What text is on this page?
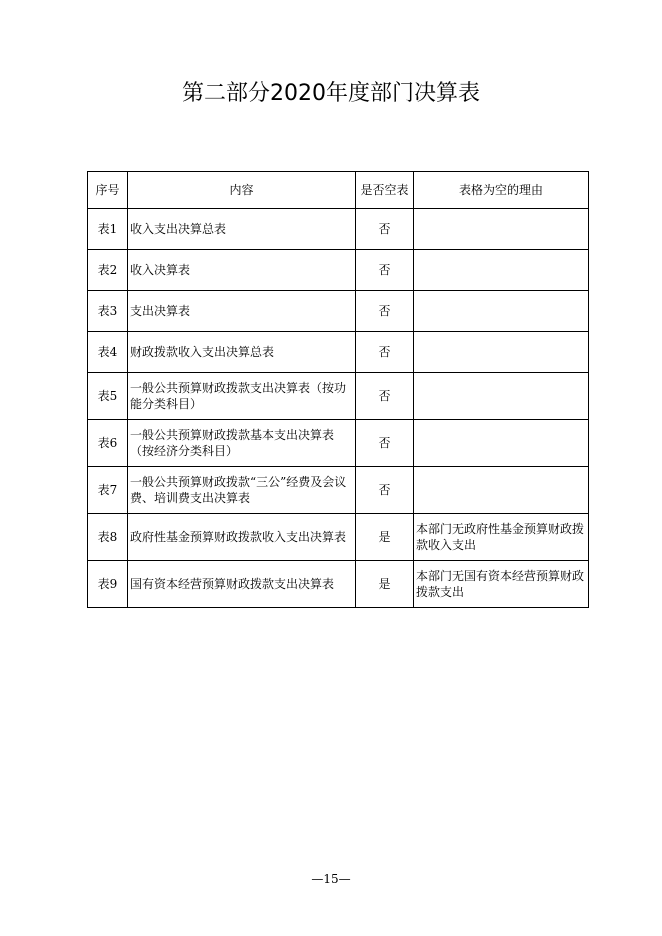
第二部分2020年度部门决算表
序号	内容	是否空表	表格为空的理由
表1	收入支出决算总表	否	
表2	收入决算表	否	
表3	支出决算表	否	
表4	财政拨款收入支出决算总表	否	
表5	一般公共预算财政拨款支出决算表（按功能分类科目）	否	
表6	一般公共预算财政拨款基本支出决算表（按经济分类科目）	否	
表7	一般公共预算财政拨款“三公”经费及会议费、培训费支出决算表	否	
表8	政府性基金预算财政拨款收入支出决算表	是	本部门无政府性基金预算财政拨款收入支出
表9	国有资本经营预算财政拨款支出决算表	是	本部门无国有资本经营预算财政拨款支出
—15—
